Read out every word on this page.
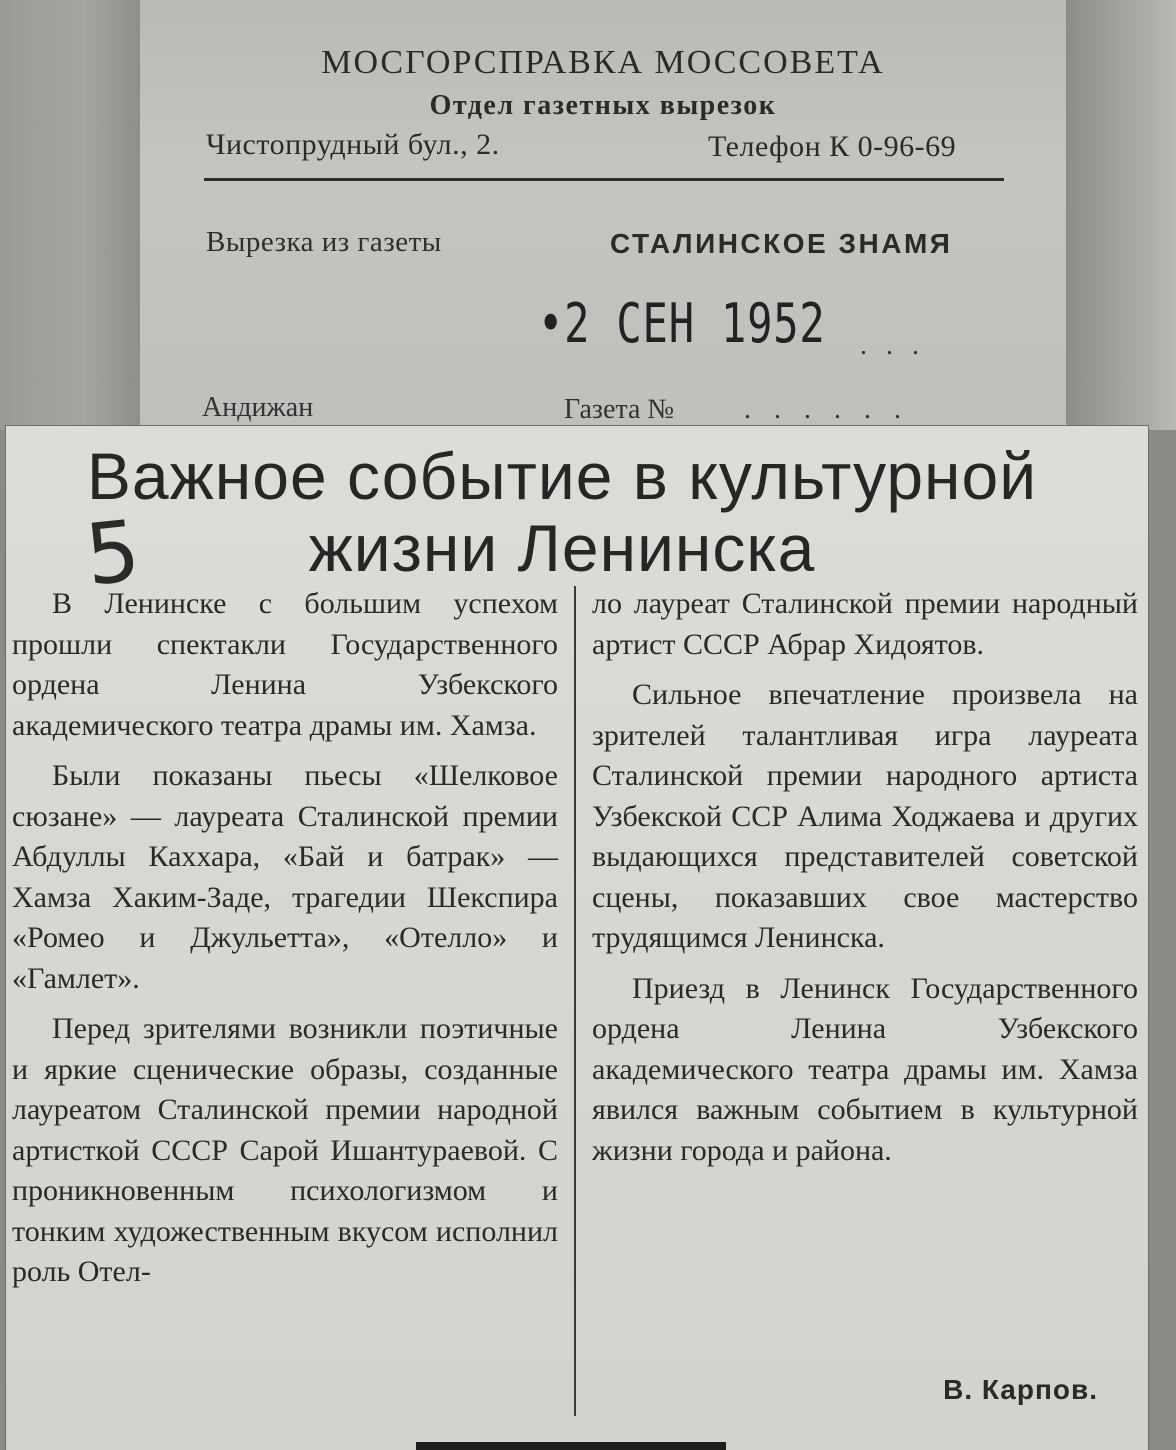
МОСГОРСПРАВКА МОССОВЕТА
Отдел газетных вырезок
Чистопрудный бул., 2.	Телефон К 0-96-69
Вырезка из газеты	СТАЛИНСКОЕ ЗНАМЯ
•2 СЕН 1952 . . .
Андижан	Газета № . . . . . .
Важное событие в культурной
жизни Ленинска
5

В Ленинске с большим успехом прошли спектакли Государственного ордена Ленина Узбекского академического театра драмы им. Хамза.

Были показаны пьесы «Шелковое сюзане» — лауреата Сталинской премии Абдуллы Каххара, «Бай и батрак» — Хамза Хаким-Заде, трагедии Шекспира «Ромео и Джульетта», «Отелло» и «Гамлет».

Перед зрителями возникли поэтичные и яркие сценические образы, созданные лауреатом Сталинской премии народной артисткой СССР Сарой Ишантураевой. С проникновенным психологизмом и тонким художественным вкусом исполнил роль Отел-

ло лауреат Сталинской премии народный артист СССР Абрар Хидоятов.

Сильное впечатление произвела на зрителей талантливая игра лауреата Сталинской премии народного артиста Узбекской ССР Алима Ходжаева и других выдающихся представителей советской сцены, показавших свое мастерство трудящимся Ленинска.

Приезд в Ленинск Государственного ордена Ленина Узбекского академического театра драмы им. Хамза явился важным событием в культурной жизни города и района.

В. Карпов.
